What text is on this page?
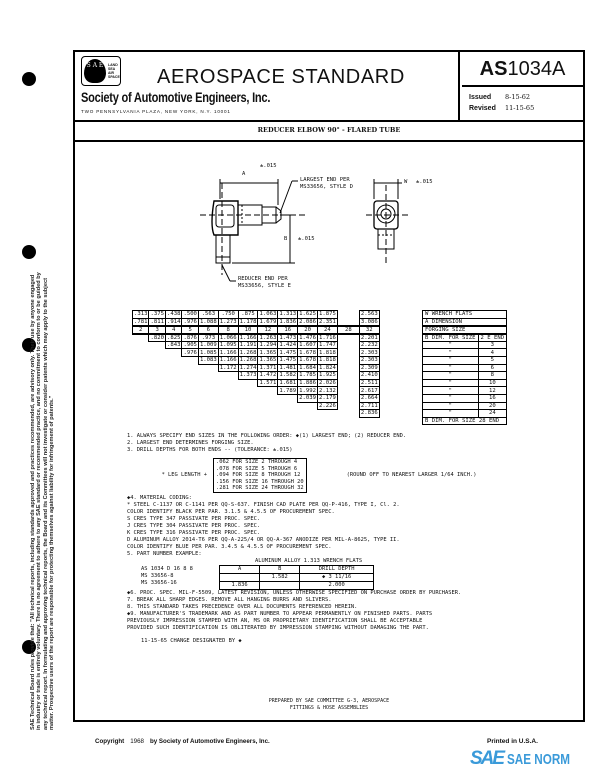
SAE Technical Board rules provide that: "All technical reports, including standards approved and practices recommended, are advisory only. Their use by anyone engaged in industry or trade is entirely voluntary. There is no agreement to adhere to any SAE standard or recommended practice, and no commitment to conform to or be guided by any technical report. In formulating and approving technical reports, the Board and its Committees will not investigate or consider patents which may apply to the subject matter. Prospective users of the report are responsible for protecting themselves against liability for infringement of patents."
S A E	LAND
SEA
AIR
SPACE AEROSPACE STANDARD
Society of Automotive Engineers, Inc.
TWO PENNSYLVANIA PLAZA, NEW YORK, N.Y. 10001
AS1034A
Issued 8-15-62
Revised 11-15-65
REDUCER ELBOW 90° - FLARED TUBE
A
±.015
LARGEST END PER
MS33656, STYLE D
B ±.015
W ±.015
REDUCER END PER
MS33656, STYLE E
.313	.375	.438	.500	.563	.750	.875	1.063	1.313	1.625	1.875		2.563
.781	.811	.914	.976	1.088	1.273	1.178	1.679	1.836	2.086	2.351		3.086
2	3	4	5	6	8	10	12	16	20	24	28	32
	.820	.825	.876	.973	1.066	1.166	1.263	1.473	1.476	1.716		2.201
		.843	.905	1.009	1.095	1.191	1.294	1.424	1.607	1.747		2.232
			.976	1.085	1.166	1.268	1.365	1.475	1.678	1.818		2.303
				1.083	1.166	1.268	1.365	1.475	1.678	1.818		2.303
					1.172	1.274	1.371	1.481	1.684	1.824		2.309
						1.373	1.472	1.582	1.785	1.925		2.410
							1.571	1.681	1.886	2.026		2.511
								1.789	1.992	2.132		2.617
									2.039	2.179		2.664
										2.226		2.711
												2.836
W WRENCH FLATS	
A DIMENSION	
FORGING SIZE	
B DIM. FOR SIZE	2 E END
"	3
"	4
"	5
"	6
"	8
"	10
"	12
"	16
"	20
"	24
B DIM. FOR SIZE 28 END	
1. ALWAYS SPECIFY END SIZES IN THE FOLLOWING ORDER: ◆(1) LARGEST END; (2) REDUCER END.
2. LARGEST END DETERMINES FORGING SIZE.
3. DRILL DEPTHS FOR BOTH ENDS -- (TOLERANCE: ±.015)
* LEG LENGTH +
.062 FOR SIZE 2 THROUGH 4
.078 FOR SIZE 5 THROUGH 6
.094 FOR SIZE 8 THROUGH 12
.156 FOR SIZE 16 THROUGH 20
.281 FOR SIZE 24 THROUGH 32
(ROUND OFF TO NEAREST LARGER 1/64 INCH.)
◆4. MATERIAL CODING:
* STEEL C-1137 OR C-1141 PER QQ-S-637. FINISH CAD PLATE PER QQ-P-416, TYPE I, Cl. 2.
COLOR IDENTIFY BLACK PER PAR. 3.1.5 & 4.5.5 OF PROCUREMENT SPEC.
S CRES TYPE 347 PASSIVATE PER PROC. SPEC.
J CRES TYPE 304 PASSIVATE PER PROC. SPEC.
K CRES TYPE 316 PASSIVATE PER PROC. SPEC.
D ALUMINUM ALLOY 2014-T6 PER QQ-A-225/4 OR QQ-A-367 ANODIZE PER MIL-A-8625, TYPE II.
COLOR IDENTIFY BLUE PER PAR. 3.4.5 & 4.5.5 OF PROCUREMENT SPEC.
5. PART NUMBER EXAMPLE:
ALUMINUM ALLOY 1.313 WRENCH FLATS
AS 1034 D 16 8 8
MS 33656-8
MS 33656-16
A	B	DRILL DEPTH
	1.582	◆ 3 11/16
1.836		2.000
◆6. PROC. SPEC. MIL-F-5509, LATEST REVISION, UNLESS OTHERWISE SPECIFIED ON PURCHASE ORDER BY PURCHASER.
7. BREAK ALL SHARP EDGES. REMOVE ALL HANGING BURRS AND SLIVERS.
8. THIS STANDARD TAKES PRECEDENCE OVER ALL DOCUMENTS REFERENCED HEREIN.
◆9. MANUFACTURER'S TRADEMARK AND AS PART NUMBER TO APPEAR PERMANENTLY ON FINISHED PARTS. PARTS
PREVIOUSLY IMPRESSION STAMPED WITH AN, MS OR PROPRIETARY IDENTIFICATION SHALL BE ACCEPTABLE
PROVIDED SUCH IDENTIFICATION IS OBLITERATED BY IMPRESSION STAMPING WITHOUT DAMAGING THE PART.
11-15-65 CHANGE DESIGNATED BY ◆
PREPARED BY SAE COMMITTEE G-3, AEROSPACE
FITTINGS & HOSE ASSEMBLIES
Copyright 1968 by Society of Automotive Engineers, Inc.	Printed in U.S.A.
SAE SAE NORM
